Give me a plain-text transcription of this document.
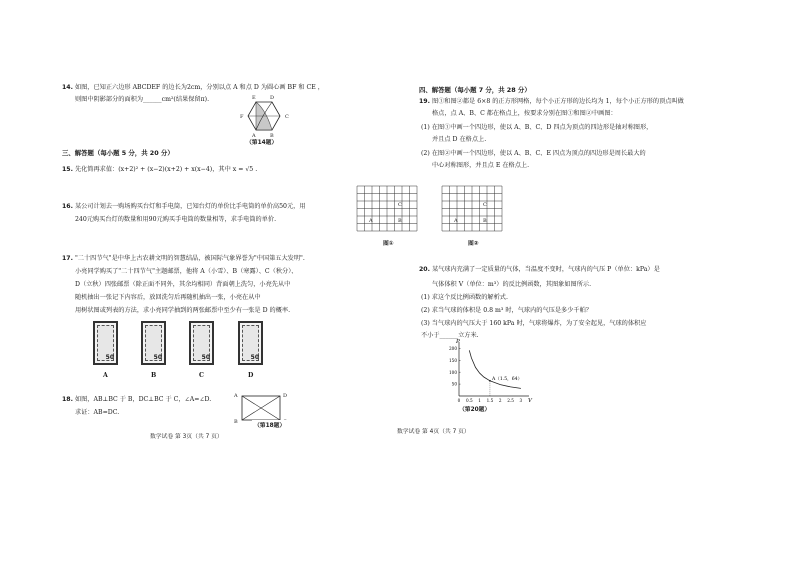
14. 如图，已知正六边形 ABCDEF 的边长为2cm，分别以点 A 和点 D 为圆心画 BF 和 CE ，
则图中阴影部分的面积为______cm²(结果保留π).	E	D
F	C
A	B
（第14题）
三、解答题（每小题 5 分，共 20 分）
15. 先化简再求值：(x+2)² + (x−2)(x+2) + x(x−4)，其中 x = √5 .
16. 某公司计划去一购场购买台灯和手电筒，已知台灯的单价比手电筒的单价高50元，用
240元购买台灯的数量和用90元购买手电筒的数量相等，求手电筒的单价.
17. "二十四节气"是中华上古农耕文明的智慧结晶，被国际气象界誉为"中国第五大发明".
小亮同学购买了"二十四节气"主题邮票，他将 A（小雪）、B（寒露）、C（秋分）、
D（立秋）四张邮票（除正面不同外，其余均相同）背面朝上洗匀，小亮先从中
随机抽出一张记下内容后，放回洗匀后再随机抽出一张，小亮在从中
用树状图或列表的方法，求小亮同学抽到的两张邮票中至少有一张是 D 的概率.
50	50	50	50
A	B	C	D
18. 如图，AB⊥BC 于 B，DC⊥BC 于 C，∠A=∠D.
求证：AB=DC.
A	D
B
（第18题）
数学试卷 第 3页（共 7 页）
四、解答题（每小题 7 分，共 28 分）
19. 图①和图②都是 6×8 的正方形网格，每个小正方形的边长均为 1，每个小正方形的顶点叫做
格点，点 A、B、C 都在格点上，按要求分别在图①和图②中画图：
(1) 在图①中画一个四边形，使以 A、B、C、D 四点为顶点的四边形是轴对称图形，
并且点 D 在格点上.
(2) 在图②中画一个四边形，使以 A、B、C、E 四点为顶点的四边形是周长最大的
中心对称图形，并且点 E 在格点上.
C
A	B
C
A	B
图①	图②
20. 某气球内充满了一定质量的气体，当温度不变时，气球内的气压 P（单位：kPa）是
气体体积 V（单位：m³）的反比例函数，其图象如图所示.
(1) 求这个反比例函数的解析式.
(2) 求当气球的体积是 0.8 m³ 时，气球内的气压是多少千帕？
(3) 当气球内的气压大于 160 kPa 时，气球将爆炸，为了安全起见，气球的体积应
不小于______立方米.
P
V
200
150
100
50
0 0.5 1 1.5 2 2.5 3
A（1.5，64）
（第20题）
数学试卷 第 4页（共 7 页）
